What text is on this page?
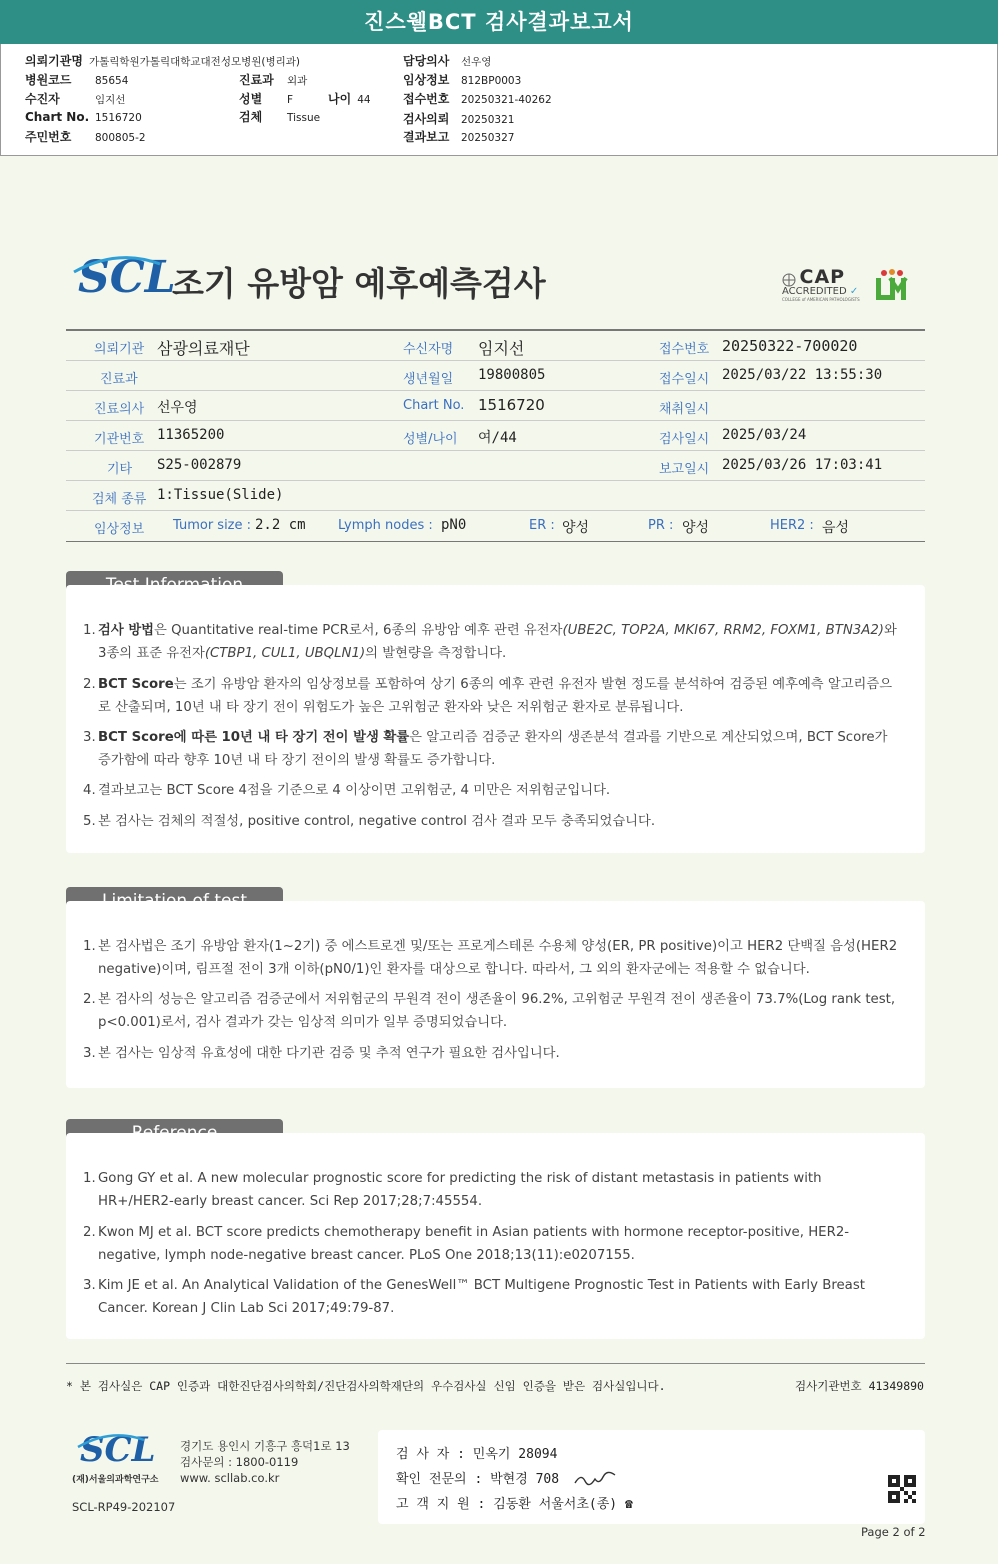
진스웰BCT 검사결과보고서
의뢰기관명 가톨릭학원가톨릭대학교대전성모병원(병리과)
병원코드 85654
수진자	임지선
Chart No. 1516720
주민번호 800805-2
진료과 외과
성별 F	나이 44
검체 Tissue
담당의사 선우영
임상정보 812BP0003
접수번호 20250321-40262
검사의뢰 20250321
결과보고 20250327
SCL
조기 유방암 예후예측검사	CAP
ACCREDITED ✓
COLLEGE of AMERICAN PATHOLOGISTS
의뢰기관 삼광의료재단	수신자명 임지선	접수번호 20250322-700020
진료과	생년월일 19800805	접수일시 2025/03/22 13:55:30
진료의사 선우영	Chart No. 1516720	채취일시
기관번호 11365200	성별/나이 여/44	검사일시 2025/03/24
기타 S25-002879	보고일시 2025/03/26 17:03:41
검체 종류 1:Tissue(Slide)
임상정보 Tumor size : 2.2 cm Lymph nodes : pN0	ER : 양성	PR : 양성	HER2 : 음성
1. 검사 방법은 Quantitative real-time PCR로서, 6종의 유방암 예후 관련 유전자(UBE2C, TOP2A, MKI67, RRM2, FOXM1, BTN3A2)와 3종의 표준 유전자(CTBP1, CUL1, UBQLN1)의 발현량을 측정합니다.
2. BCT Score는 조기 유방암 환자의 임상정보를 포함하여 상기 6종의 예후 관련 유전자 발현 정도를 분석하여 검증된 예후예측 알고리즘으로 산출되며, 10년 내 타 장기 전이 위험도가 높은 고위험군 환자와 낮은 저위험군 환자로 분류됩니다.
3. BCT Score에 따른 10년 내 타 장기 전이 발생 확률은 알고리즘 검증군 환자의 생존분석 결과를 기반으로 계산되었으며, BCT Score가 증가함에 따라 향후 10년 내 타 장기 전이의 발생 확률도 증가합니다.
4. 결과보고는 BCT Score 4점을 기준으로 4 이상이면 고위험군, 4 미만은 저위험군입니다.
5. 본 검사는 검체의 적절성, positive control, negative control 검사 결과 모두 충족되었습니다.
1. 본 검사법은 조기 유방암 환자(1~2기) 중 에스트로겐 및/또는 프로게스테론 수용체 양성(ER, PR positive)이고 HER2 단백질 음성(HER2 negative)이며, 림프절 전이 3개 이하(pN0/1)인 환자를 대상으로 합니다. 따라서, 그 외의 환자군에는 적용할 수 없습니다.
2. 본 검사의 성능은 알고리즘 검증군에서 저위험군의 무원격 전이 생존율이 96.2%, 고위험군 무원격 전이 생존율이 73.7%(Log rank test, p<0.001)로서, 검사 결과가 갖는 임상적 의미가 일부 증명되었습니다.
3. 본 검사는 임상적 유효성에 대한 다기관 검증 및 추적 연구가 필요한 검사입니다.
1. Gong GY et al. A new molecular prognostic score for predicting the risk of distant metastasis in patients with HR+/HER2-early breast cancer. Sci Rep 2017;28;7:45554.
2. Kwon MJ et al. BCT score predicts chemotherapy benefit in Asian patients with hormone receptor-positive, HER2-negative, lymph node-negative breast cancer. PLoS One 2018;13(11):e0207155.
3. Kim JE et al. An Analytical Validation of the GenesWell™ BCT Multigene Prognostic Test in Patients with Early Breast Cancer. Korean J Clin Lab Sci 2017;49:79-87.
* 본 검사실은 CAP 인증과 대한진단검사의학회/진단검사의학재단의 우수검사실 신임 인증을 받은 검사실입니다.	검사기관번호 41349890
SCL
(재)서울의과학연구소
경기도 용인시 기흥구 흥덕1로 13
검사문의 : 1800-0119
www. scllab.co.kr
SCL-RP49-202107
검 사 자 : 민옥기 28094
확인 전문의 : 박현경 708
고 객 지 원 : 김동환 서울서초(종) ☎
Page 2 of 2
